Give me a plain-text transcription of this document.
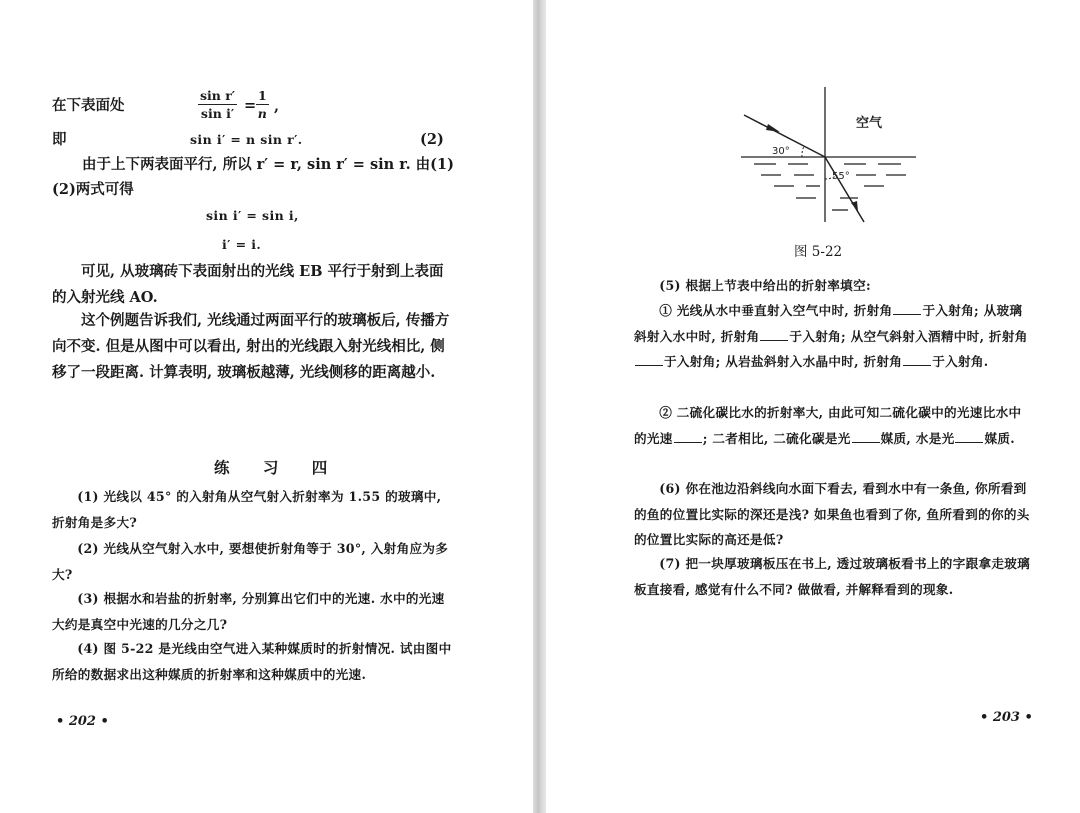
在下表面处	$\frac{\text{sin r′}}{\text{sin i′}} = \frac{1}{n}$ ,
即	sin i′ = n sin r′.	(2)
由于上下两表面平行, 所以 r′ = r, sin r′ = sin r. 由(1)
(2)两式可得
sin i′ = sin i,
i′ = i.
可见, 从玻璃砖下表面射出的光线 EB 平行于射到上表面的入射光线 AO.
这个例题告诉我们, 光线通过两面平行的玻璃板后, 传播方向不变. 但是从图中可以看出, 射出的光线跟入射光线相比, 侧移了一段距离. 计算表明, 玻璃板越薄, 光线侧移的距离越小.
练 习 四
(1) 光线以 45° 的入射角从空气射入折射率为 1.55 的玻璃中, 折射角是多大?
(2) 光线从空气射入水中, 要想使折射角等于 30°, 入射角应为多大?
(3) 根据水和岩盐的折射率, 分别算出它们中的光速. 水中的光速大约是真空中光速的几分之几?
(4) 图 5-22 是光线由空气进入某种媒质时的折射情况. 试由图中所给的数据求出这种媒质的折射率和这种媒质中的光速.
• 202 •
空气
30°
55°
图 5-22
(5) 根据上节表中给出的折射率填空:
① 光线从水中垂直射入空气中时, 折射角 于入射角; 从玻璃斜射入水中时, 折射角 于入射角; 从空气斜射入酒精中时, 折射角于入射角; 从岩盐斜射入水晶中时, 折射角 于入射角.
② 二硫化碳比水的折射率大, 由此可知二硫化碳中的光速比水中的光速 ; 二者相比, 二硫化碳是光 媒质, 水是光 媒质.
(6) 你在池边沿斜线向水面下看去, 看到水中有一条鱼, 你所看到的鱼的位置比实际的深还是浅? 如果鱼也看到了你, 鱼所看到的你的头的位置比实际的高还是低?
(7) 把一块厚玻璃板压在书上, 透过玻璃板看书上的字跟拿走玻璃板直接看, 感觉有什么不同? 做做看, 并解释看到的现象.
• 203 •
